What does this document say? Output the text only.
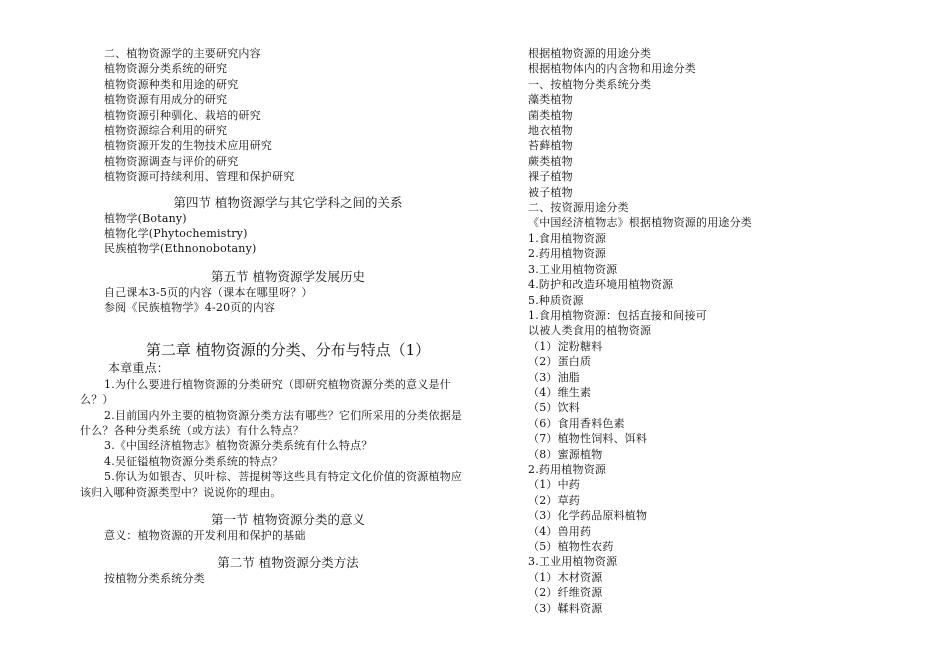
二、植物资源学的主要研究内容
植物资源分类系统的研究
植物资源种类和用途的研究
植物资源有用成分的研究
植物资源引种驯化、栽培的研究
植物资源综合利用的研究
植物资源开发的生物技术应用研究
植物资源调查与评价的研究
植物资源可持续利用、管理和保护研究
第四节 植物资源学与其它学科之间的关系
植物学(Botany)
植物化学(Phytochemistry)
民族植物学(Ethnonobotany)
第五节 植物资源学发展历史
自己课本3-5页的内容（课本在哪里呀？）
参阅《民族植物学》4-20页的内容
第二章 植物资源的分类、分布与特点（1）
本章重点：
1.为什么要进行植物资源的分类研究（即研究植物资源分类的意义是什么？）
2.目前国内外主要的植物资源分类方法有哪些？它们所采用的分类依据是什么？各种分类系统（或方法）有什么特点？
3.《中国经济植物志》植物资源分类系统有什么特点？
4.吴征镒植物资源分类系统的特点？
5.你认为如银杏、贝叶棕、菩提树等这些具有特定文化价值的资源植物应该归入哪种资源类型中？说说你的理由。
第一节 植物资源分类的意义
意义：植物资源的开发利用和保护的基础
第二节 植物资源分类方法
按植物分类系统分类
根据植物资源的用途分类
根据植物体内的内含物和用途分类
一、按植物分类系统分类
藻类植物
菌类植物
地衣植物
苔藓植物
蕨类植物
裸子植物
被子植物
二、按资源用途分类
《中国经济植物志》根据植物资源的用途分类
1.食用植物资源
2.药用植物资源
3.工业用植物资源
4.防护和改造环境用植物资源
5.种质资源
1.食用植物资源：包括直接和间接可
以被人类食用的植物资源
（1）淀粉糖料
（2）蛋白质
（3）油脂
（4）维生素
（5）饮料
（6）食用香料色素
（7）植物性饲料、饵料
（8）蜜源植物
2.药用植物资源
（1）中药
（2）草药
（3）化学药品原料植物
（4）兽用药
（5）植物性农药
3.工业用植物资源
（1）木材资源
（2）纤维资源
（3）鞣料资源
